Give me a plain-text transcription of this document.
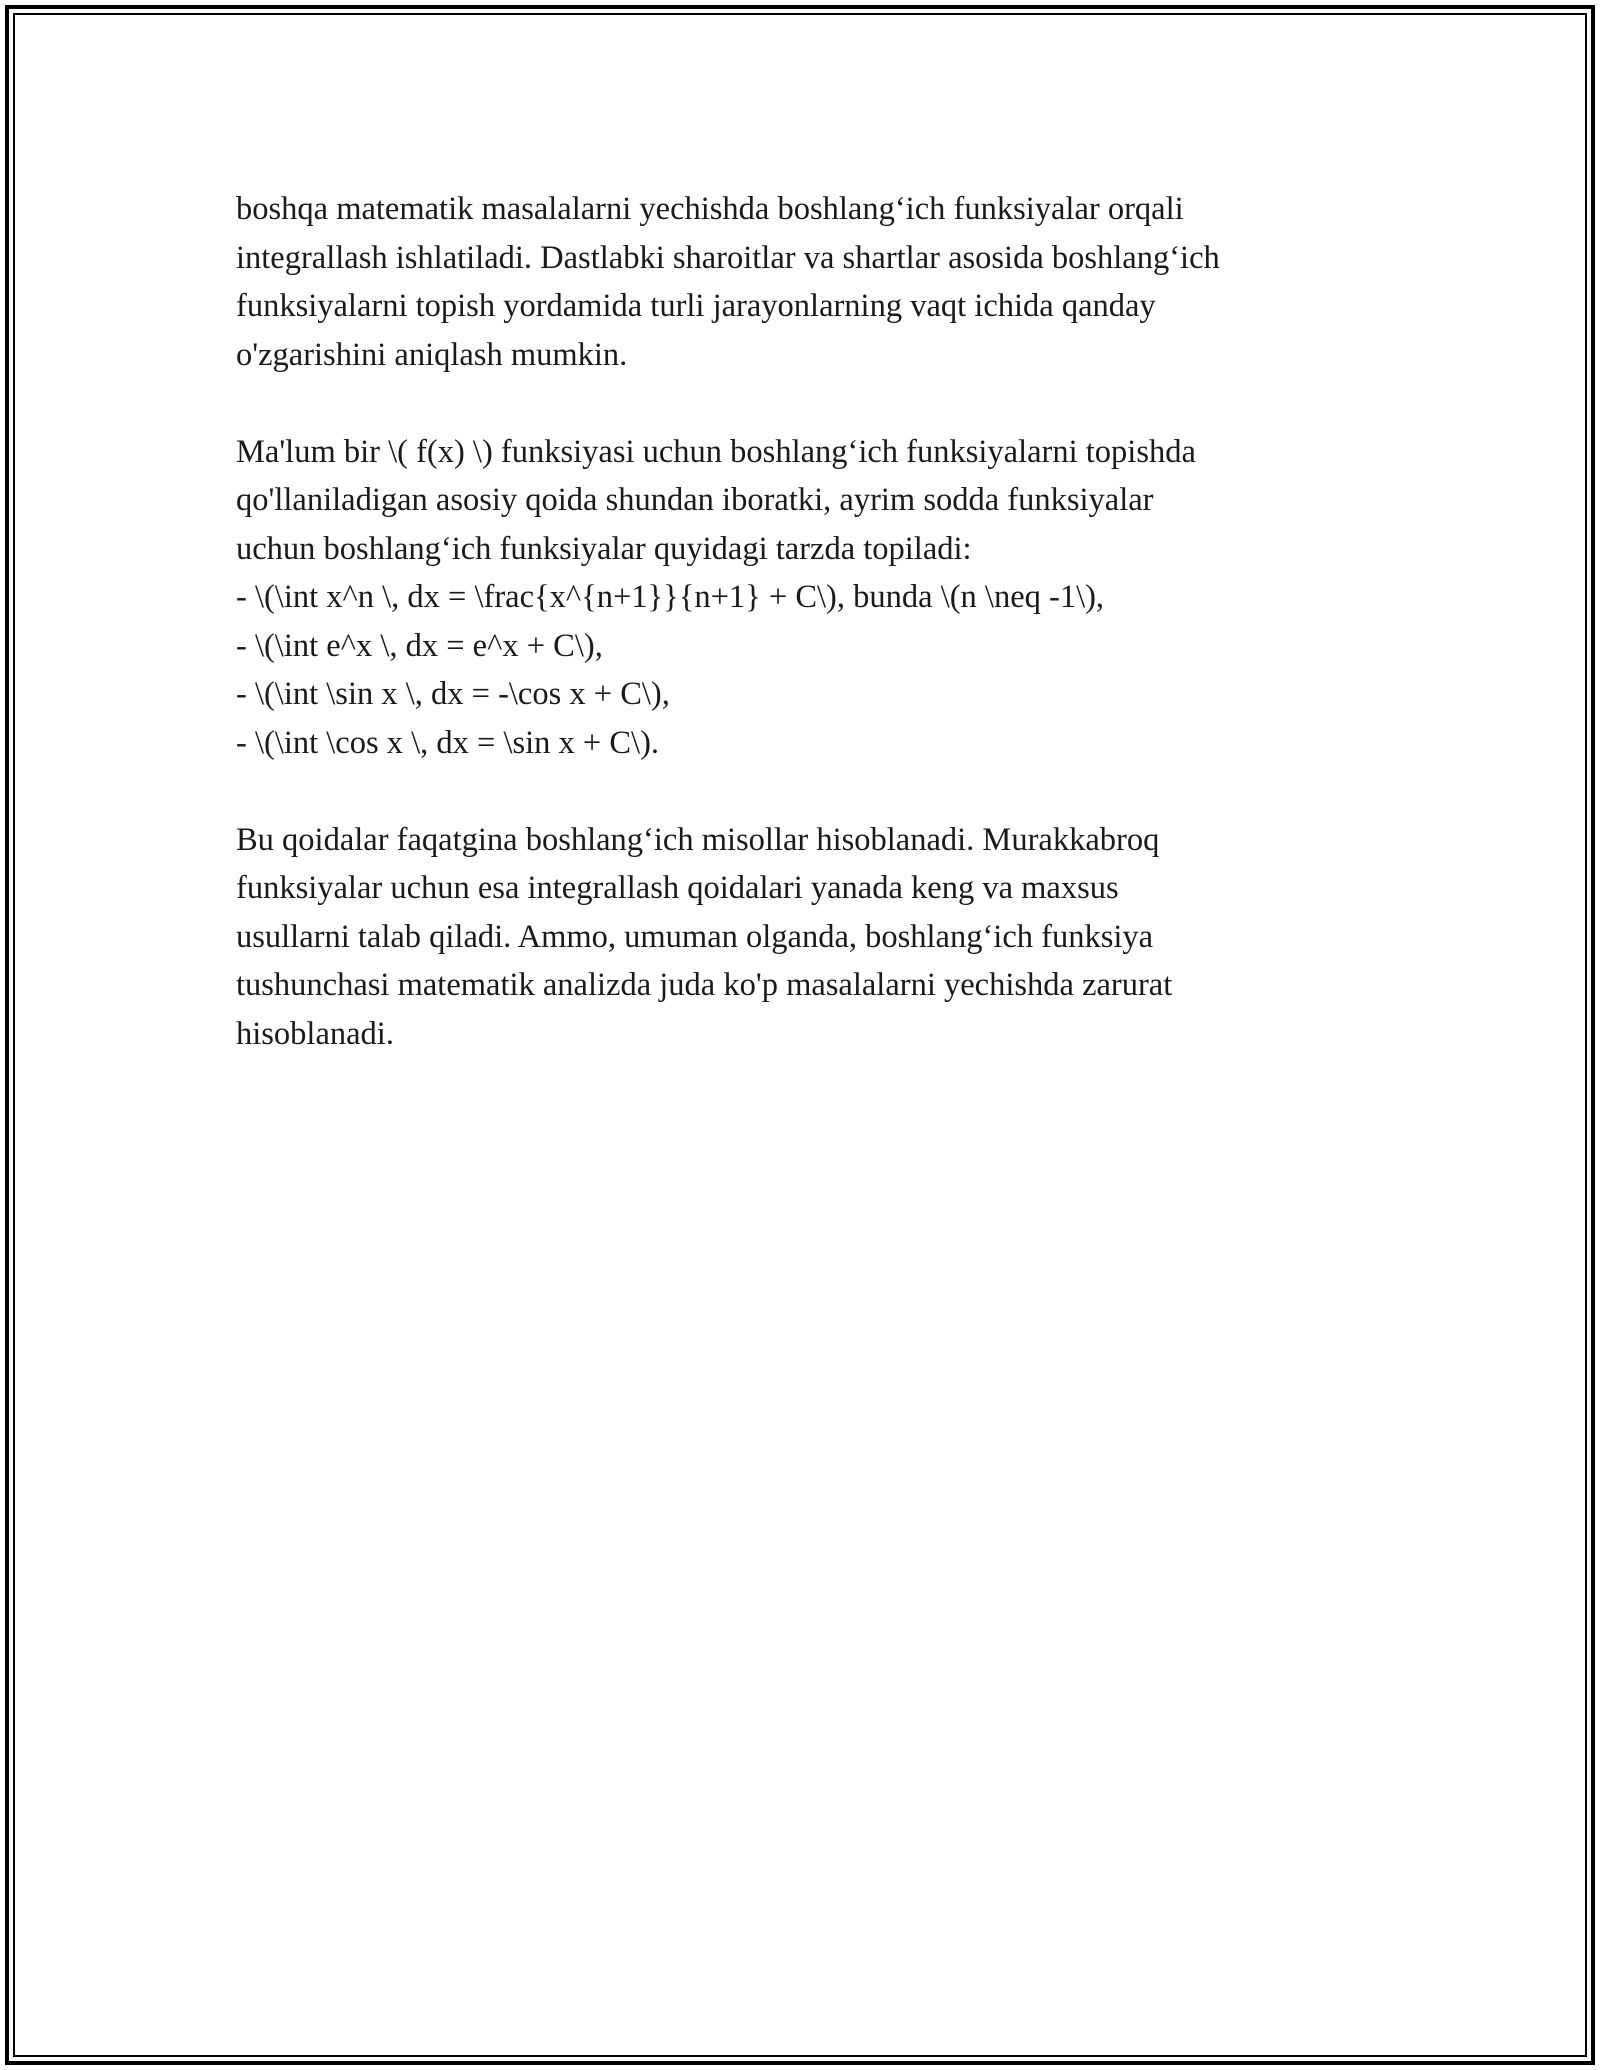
boshqa matematik masalalarni yechishda boshlang‘ich funksiyalar orqali
integrallash ishlatiladi. Dastlabki sharoitlar va shartlar asosida boshlang‘ich
funksiyalarni topish yordamida turli jarayonlarning vaqt ichida qanday
o'zgarishini aniqlash mumkin.
Ma'lum bir \( f(x) \) funksiyasi uchun boshlang‘ich funksiyalarni topishda
qo'llaniladigan asosiy qoida shundan iboratki, ayrim sodda funksiyalar
uchun boshlang‘ich funksiyalar quyidagi tarzda topiladi:
- \(\int x^n \, dx = \frac{x^{n+1}}{n+1} + C\), bunda \(n \neq -1\),
- \(\int e^x \, dx = e^x + C\),
- \(\int \sin x \, dx = -\cos x + C\),
- \(\int \cos x \, dx = \sin x + C\).
Bu qoidalar faqatgina boshlang‘ich misollar hisoblanadi. Murakkabroq
funksiyalar uchun esa integrallash qoidalari yanada keng va maxsus
usullarni talab qiladi. Ammo, umuman olganda, boshlang‘ich funksiya
tushunchasi matematik analizda juda ko'p masalalarni yechishda zarurat
hisoblanadi.
